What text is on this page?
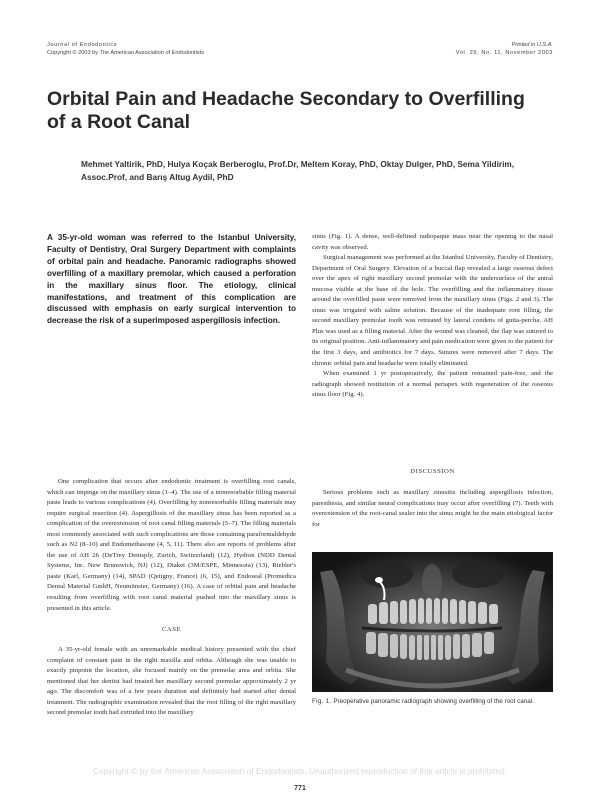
Journal of Endodontics
Copyright © 2003 by The American Association of Endodontists
Printed in U.S.A.
Vol. 29, No. 11, November 2003
Orbital Pain and Headache Secondary to Overfilling of a Root Canal

Mehmet Yaltirik, PhD, Hulya Koçak Berberoglu, Prof.Dr, Meltem Koray, PhD, Oktay Dulger, PhD, Sema Yildirim, Assoc.Prof, and Barış Altug Aydil, PhD

A 35-yr-old woman was referred to the Istanbul University, Faculty of Dentistry, Oral Surgery Department with complaints of orbital pain and headache. Panoramic radiographs showed overfilling of a maxillary premolar, which caused a perforation in the maxillary sinus floor. The etiology, clinical manifestations, and treatment of this complication are discussed with emphasis on early surgical intervention to decrease the risk of a superimposed aspergillosis infection.

One complication that occurs after endodontic treatment is overfilling root canals, which can impinge on the maxillary sinus (1–4). The use of a nonresorbable filling material paste leads to various complications (4). Overfilling by nonresorbable filling materials may require surgical resection (4). Aspergillosis of the maxillary sinus has been reported as a complication of the overextension of root canal filling materials (5–7). The filling materials most commonly associated with such complications are those containing paraformaldehyde such as N2 (8–10) and Endomethasone (4, 5, 11). There also are reports of problems after the use of AH 26 (DeTrey Dentsply, Zurich, Switzerland) (12), Hydron (NDD Dental Systems, Inc. New Brunswick, NJ) (12), Diaket (3M/ESPE, Minnesota) (13), Riebler's paste (Karl, Germany) (14), SPAD (Qetigny, France) (6, 15), and Endoseal (Promedica Dental Material GmbH, Neumünster, Germany) (16). A case of orbital pain and headache resulting from overfilling with root canal material pushed into the maxillary sinus is presented in this article.

CASE

A 35-yr-old female with an unremarkable medical history presented with the chief complaint of constant pain in the right maxilla and orbita. Although she was unable to exactly pinpoint the location, she focused mainly on the premolar area and orbita. She mentioned that her dentist had treated her maxillary second premolar approximately 2 yr ago. The discomfort was of a few years duration and definitely had started after dental treatment. The radiographic examination revealed that the root filling of the right maxillary second premolar tooth had extruded into the maxillary

sinus (Fig. 1). A dense, well-defined radiopaque mass near the opening to the nasal cavity was observed.

Surgical management was performed at the Istanbul University, Faculty of Dentistry, Department of Oral Surgery. Elevation of a buccal flap revealed a large osseous defect over the apex of right maxillary second premolar with the undersurface of the antral mucosa visible at the base of the hole. The overfilling and the inflammatory tissue around the overfilled paste were removed from the maxillary sinus (Figs. 2 and 3). The sinus was irrigated with saline solution. Because of the inadequate root filling, the second maxillary premolar tooth was retreated by lateral condens of gutta-percha. AH Plus was used as a filling material. After the wound was cleaned, the flap was sutured to its original position. Anti-inflammatory and pain medication were given to the patient for the first 3 days, and antibiotics for 7 days. Sutures were removed after 7 days. The chronic orbital pain and headache were totally eliminated.

When examined 1 yr postoperatively, the patient remained pain-free, and the radiograph showed restitution of a normal periapex with regeneration of the osseous sinus floor (Fig. 4).

DISCUSSION

Serious problems such as maxillary sinusitis including aspergillosis infection, paresthesia, and similar neural complications may occur after overfilling (7). Teeth with overextension of the root-canal sealer into the sinus might be the main etiological factor for

Fig. 1. Preoperative panoramic radiograph showing overfilling of the root canal.

Copyright © by the American Association of Endodontists. Unauthorized reproduction of this article is prohibited.
771
